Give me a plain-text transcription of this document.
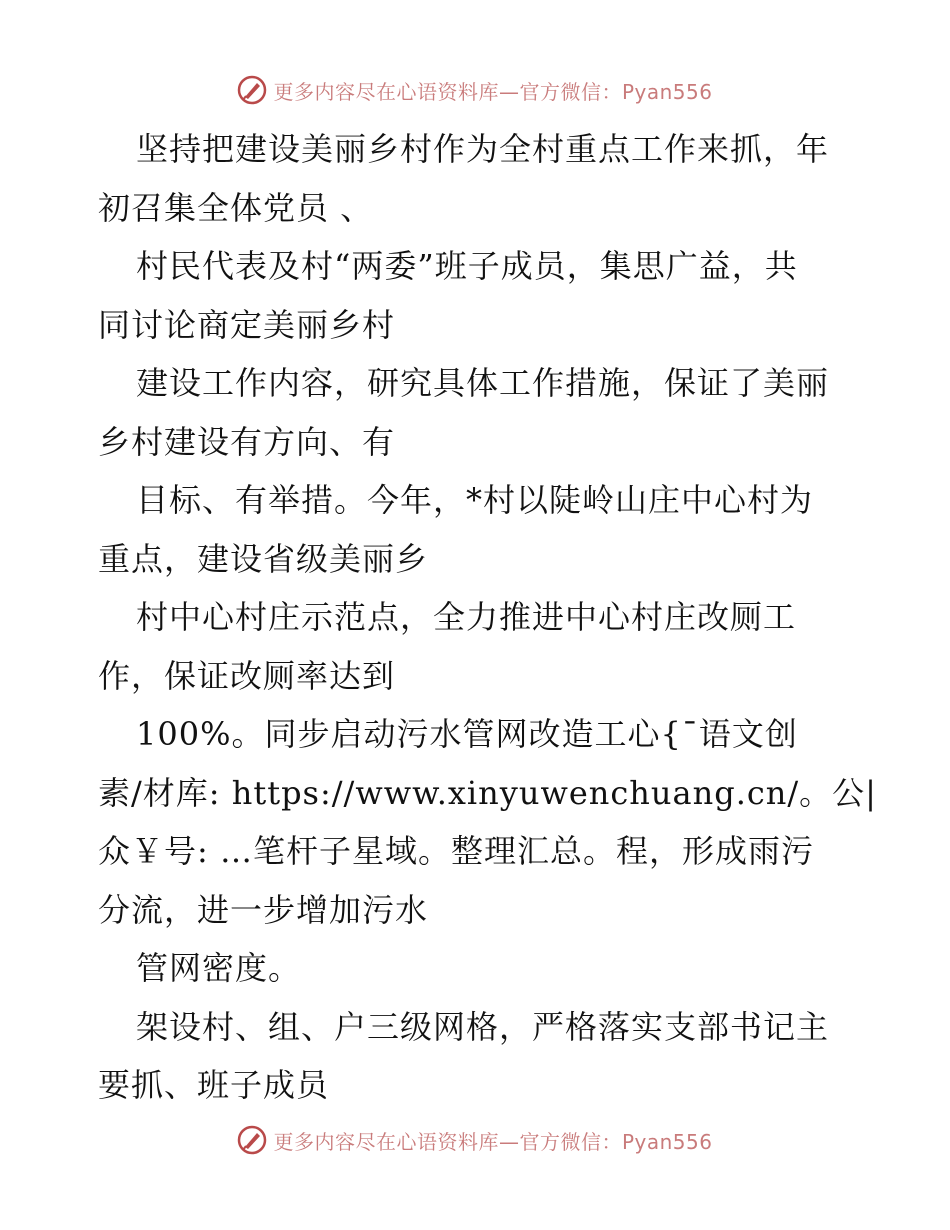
更多内容尽在心语资料库—官方微信：Pyan556

坚持把建设美丽乡村作为全村重点工作来抓，年
初召集全体党员 、
村民代表及村“两委”班子成员，集思广益，共
同讨论商定美丽乡村
建设工作内容，研究具体工作措施，保证了美丽
乡村建设有方向、有
目标、有举措。今年，*村以陡岭山庄中心村为
重点，建设省级美丽乡
村中心村庄示范点，全力推进中心村庄改厕工
作，保证改厕率达到
100%。同步启动污水管网改造工心{ˉ语文创
素/材库: https://www.xinyuwenchuang.cn/。公|
众￥号: …笔杆子星域。整理汇总。程，形成雨污
分流，进一步增加污水
管网密度。
架设村、组、户三级网格，严格落实支部书记主
要抓、班子成员

更多内容尽在心语资料库—官方微信：Pyan556
